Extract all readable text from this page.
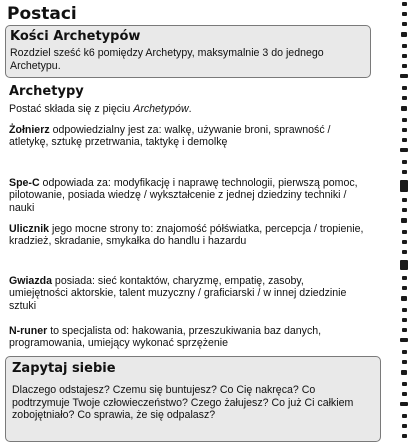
Postaci

Kości Archetypów

Rozdziel sześć k6 pomiędzy Archetypy, maksymalnie 3 do jednego Archetypu.

Archetypy

Postać składa się z pięciu Archetypów.

Żołnierz odpowiedzialny jest za: walkę, używanie broni, sprawność / atletykę, sztukę przetrwania, taktykę i demolkę

Spe-C odpowiada za: modyfikację i naprawę technologii, pierwszą pomoc, pilotowanie, posiada wiedzę / wykształcenie z jednej dziedziny techniki / nauki

Ulicznik jego mocne strony to: znajomość półświatka, percepcja / tropienie, kradzież, skradanie, smykałka do handlu i hazardu

Gwiazda posiada: sieć kontaktów, charyzmę, empatię, zasoby, umiejętności aktorskie, talent muzyczny / graficiarski / w innej dziedzinie sztuki

N-runer to specjalista od: hakowania, przeszukiwania baz danych, programowania, umiejący wykonać sprzężenie

Zapytaj siebie

Dlaczego odstajesz? Czemu się buntujesz? Co Cię nakręca? Co podtrzymuje Twoje człowieczeństwo? Czego żałujesz? Co już Ci całkiem zobojętniało? Co sprawia, że się odpalasz?
